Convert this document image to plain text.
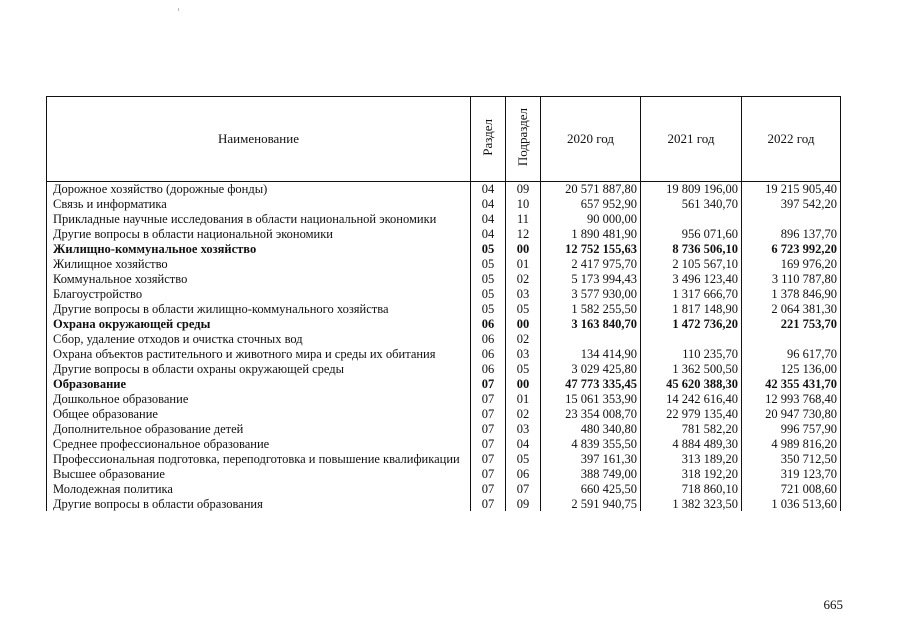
Наименование	Раздел	Подраздел	2020 год	2021 год	2022 год
Дорожное хозяйство (дорожные фонды)	04	09	20 571 887,80	19 809 196,00	19 215 905,40
Связь и информатика	04	10	657 952,90	561 340,70	397 542,20
Прикладные научные исследования в области национальной экономики	04	11	90 000,00		
Другие вопросы в области национальной экономики	04	12	1 890 481,90	956 071,60	896 137,70
Жилищно-коммунальное хозяйство	05	00	12 752 155,63	8 736 506,10	6 723 992,20
Жилищное хозяйство	05	01	2 417 975,70	2 105 567,10	169 976,20
Коммунальное хозяйство	05	02	5 173 994,43	3 496 123,40	3 110 787,80
Благоустройство	05	03	3 577 930,00	1 317 666,70	1 378 846,90
Другие вопросы в области жилищно-коммунального хозяйства	05	05	1 582 255,50	1 817 148,90	2 064 381,30
Охрана окружающей среды	06	00	3 163 840,70	1 472 736,20	221 753,70
Сбор, удаление отходов и очистка сточных вод	06	02			
Охрана объектов растительного и животного мира и среды их обитания	06	03	134 414,90	110 235,70	96 617,70
Другие вопросы в области охраны окружающей среды	06	05	3 029 425,80	1 362 500,50	125 136,00
Образование	07	00	47 773 335,45	45 620 388,30	42 355 431,70
Дошкольное образование	07	01	15 061 353,90	14 242 616,40	12 993 768,40
Общее образование	07	02	23 354 008,70	22 979 135,40	20 947 730,80
Дополнительное образование детей	07	03	480 340,80	781 582,20	996 757,90
Среднее профессиональное образование	07	04	4 839 355,50	4 884 489,30	4 989 816,20
Профессиональная подготовка, переподготовка и повышение квалификации	07	05	397 161,30	313 189,20	350 712,50
Высшее образование	07	06	388 749,00	318 192,20	319 123,70
Молодежная политика	07	07	660 425,50	718 860,10	721 008,60
Другие вопросы в области образования	07	09	2 591 940,75	1 382 323,50	1 036 513,60
665
